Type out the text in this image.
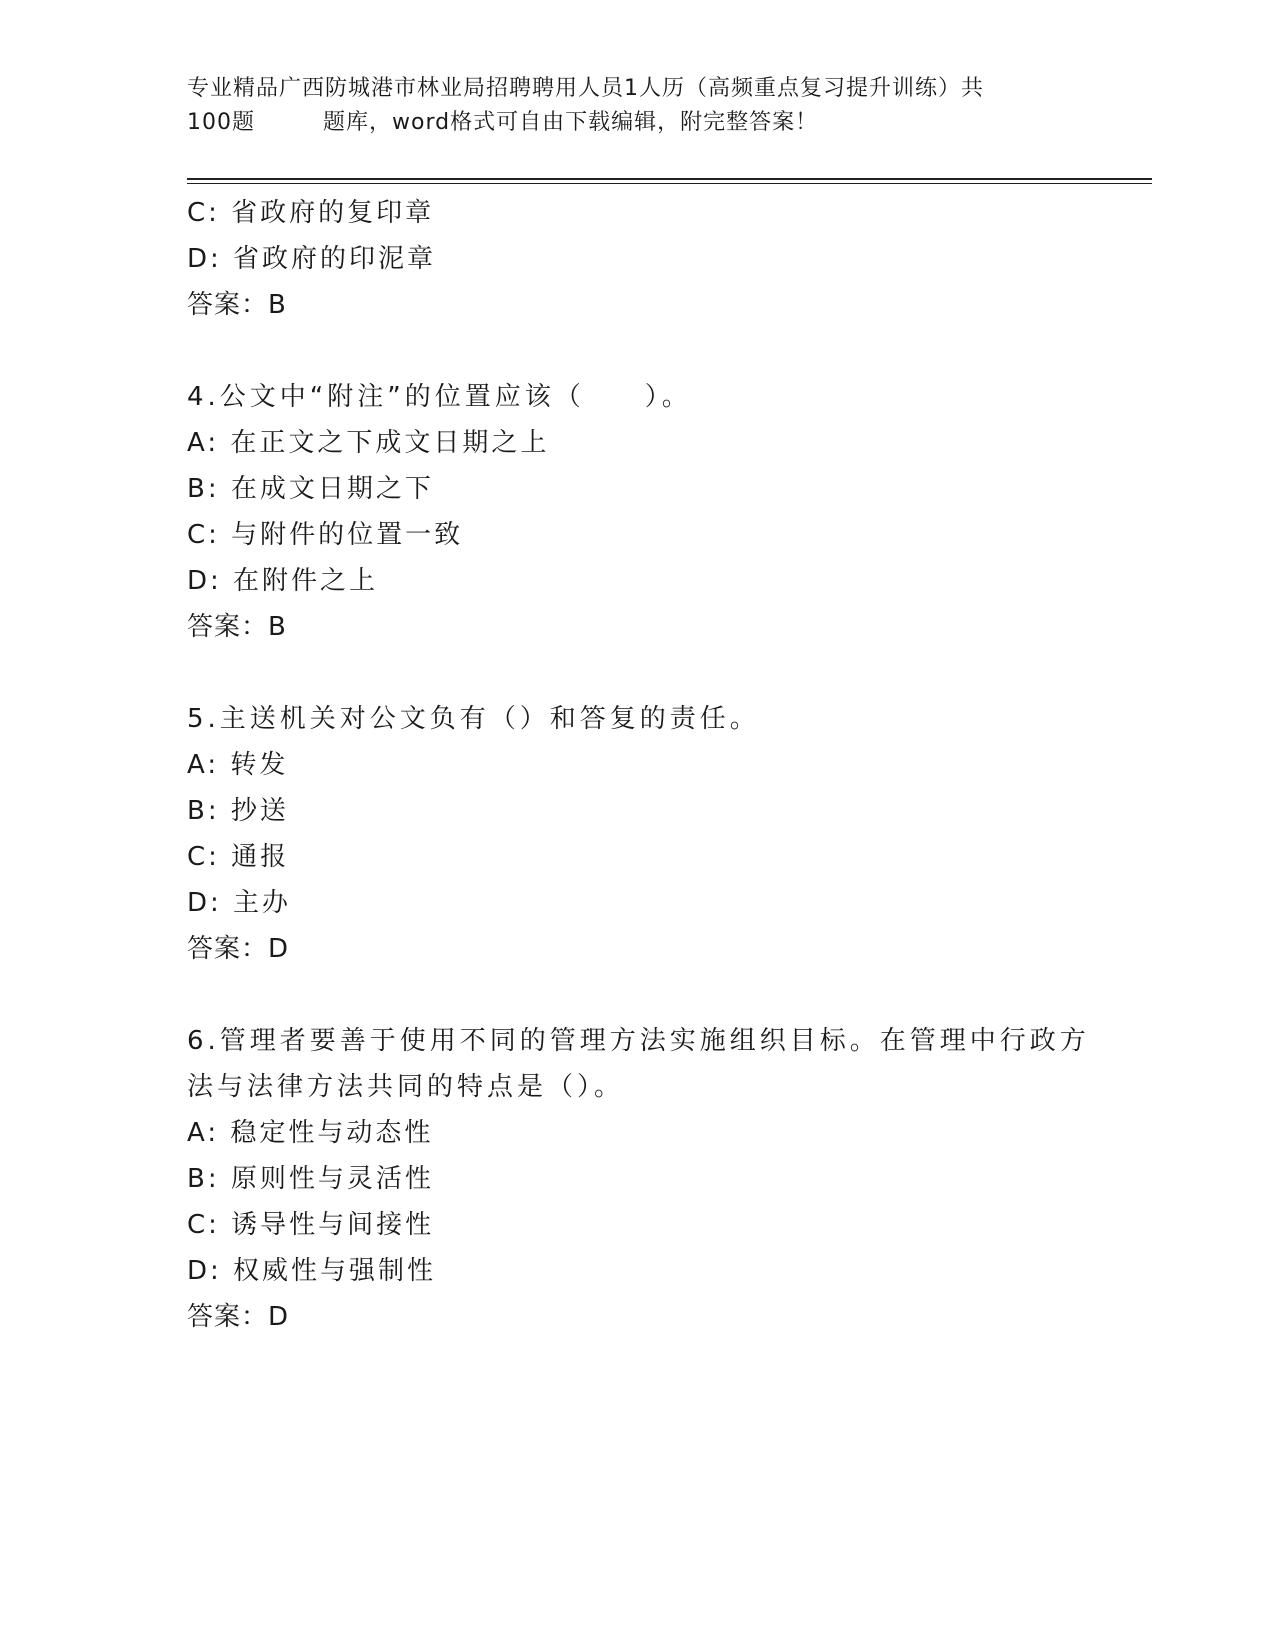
专业精品广西防城港市林业局招聘聘用人员1人历（高频重点复习提升训练）共
100题	题库，word格式可自由下载编辑，附完整答案！
C: 省政府的复印章
D: 省政府的印泥章
答案：B
4.公文中“附注”的位置应该（　　）。
A: 在正文之下成文日期之上
B: 在成文日期之下
C: 与附件的位置一致
D: 在附件之上
答案：B
5.主送机关对公文负有（）和答复的责任。
A: 转发
B: 抄送
C: 通报
D: 主办
答案：D
6.管理者要善于使用不同的管理方法实施组织目标。在管理中行政方
法与法律方法共同的特点是（）。
A: 稳定性与动态性
B: 原则性与灵活性
C: 诱导性与间接性
D: 权威性与强制性
答案：D
